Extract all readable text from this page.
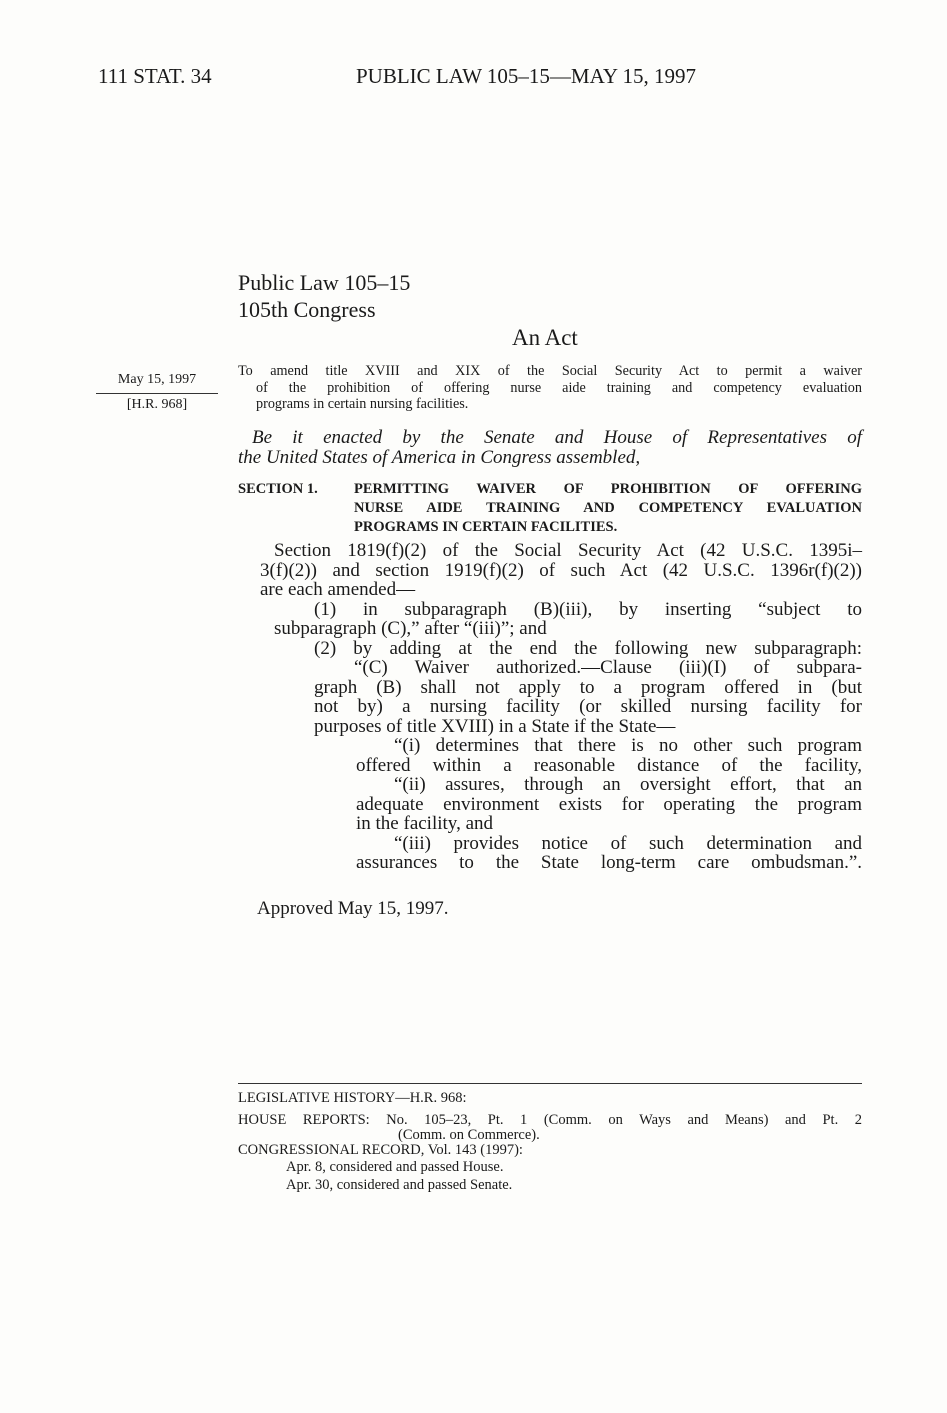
111 STAT. 34	PUBLIC LAW 105–15—MAY 15, 1997
Public Law 105–15
105th Congress
An Act
May 15, 1997
[H.R. 968]
To amend title XVIII and XIX of the Social Security Act to permit a waiver
of the prohibition of offering nurse aide training and competency evaluation
programs in certain nursing facilities.
Be it enacted by the Senate and House of Representatives of
the United States of America in Congress assembled,
SECTION 1.	PERMITTING WAIVER OF PROHIBITION OF OFFERING
NURSE AIDE TRAINING AND COMPETENCY EVALUATION
PROGRAMS IN CERTAIN FACILITIES.
Section 1819(f)(2) of the Social Security Act (42 U.S.C. 1395i–
3(f)(2)) and section 1919(f)(2) of such Act (42 U.S.C. 1396r(f)(2))
are each amended—
(1) in subparagraph (B)(iii), by inserting “subject to
subparagraph (C),” after “(iii)”; and
(2) by adding at the end the following new subparagraph:
“(C) Waiver authorized.—Clause (iii)(I) of subpara-
graph (B) shall not apply to a program offered in (but
not by) a nursing facility (or skilled nursing facility for
purposes of title XVIII) in a State if the State—
“(i) determines that there is no other such program
offered within a reasonable distance of the facility,
“(ii) assures, through an oversight effort, that an
adequate environment exists for operating the program
in the facility, and
“(iii) provides notice of such determination and
assurances to the State long-term care ombudsman.”.
Approved May 15, 1997.
LEGISLATIVE HISTORY—H.R. 968:
HOUSE REPORTS: No. 105–23, Pt. 1 (Comm. on Ways and Means) and Pt. 2
(Comm. on Commerce).
CONGRESSIONAL RECORD, Vol. 143 (1997):
Apr. 8, considered and passed House.
Apr. 30, considered and passed Senate.
